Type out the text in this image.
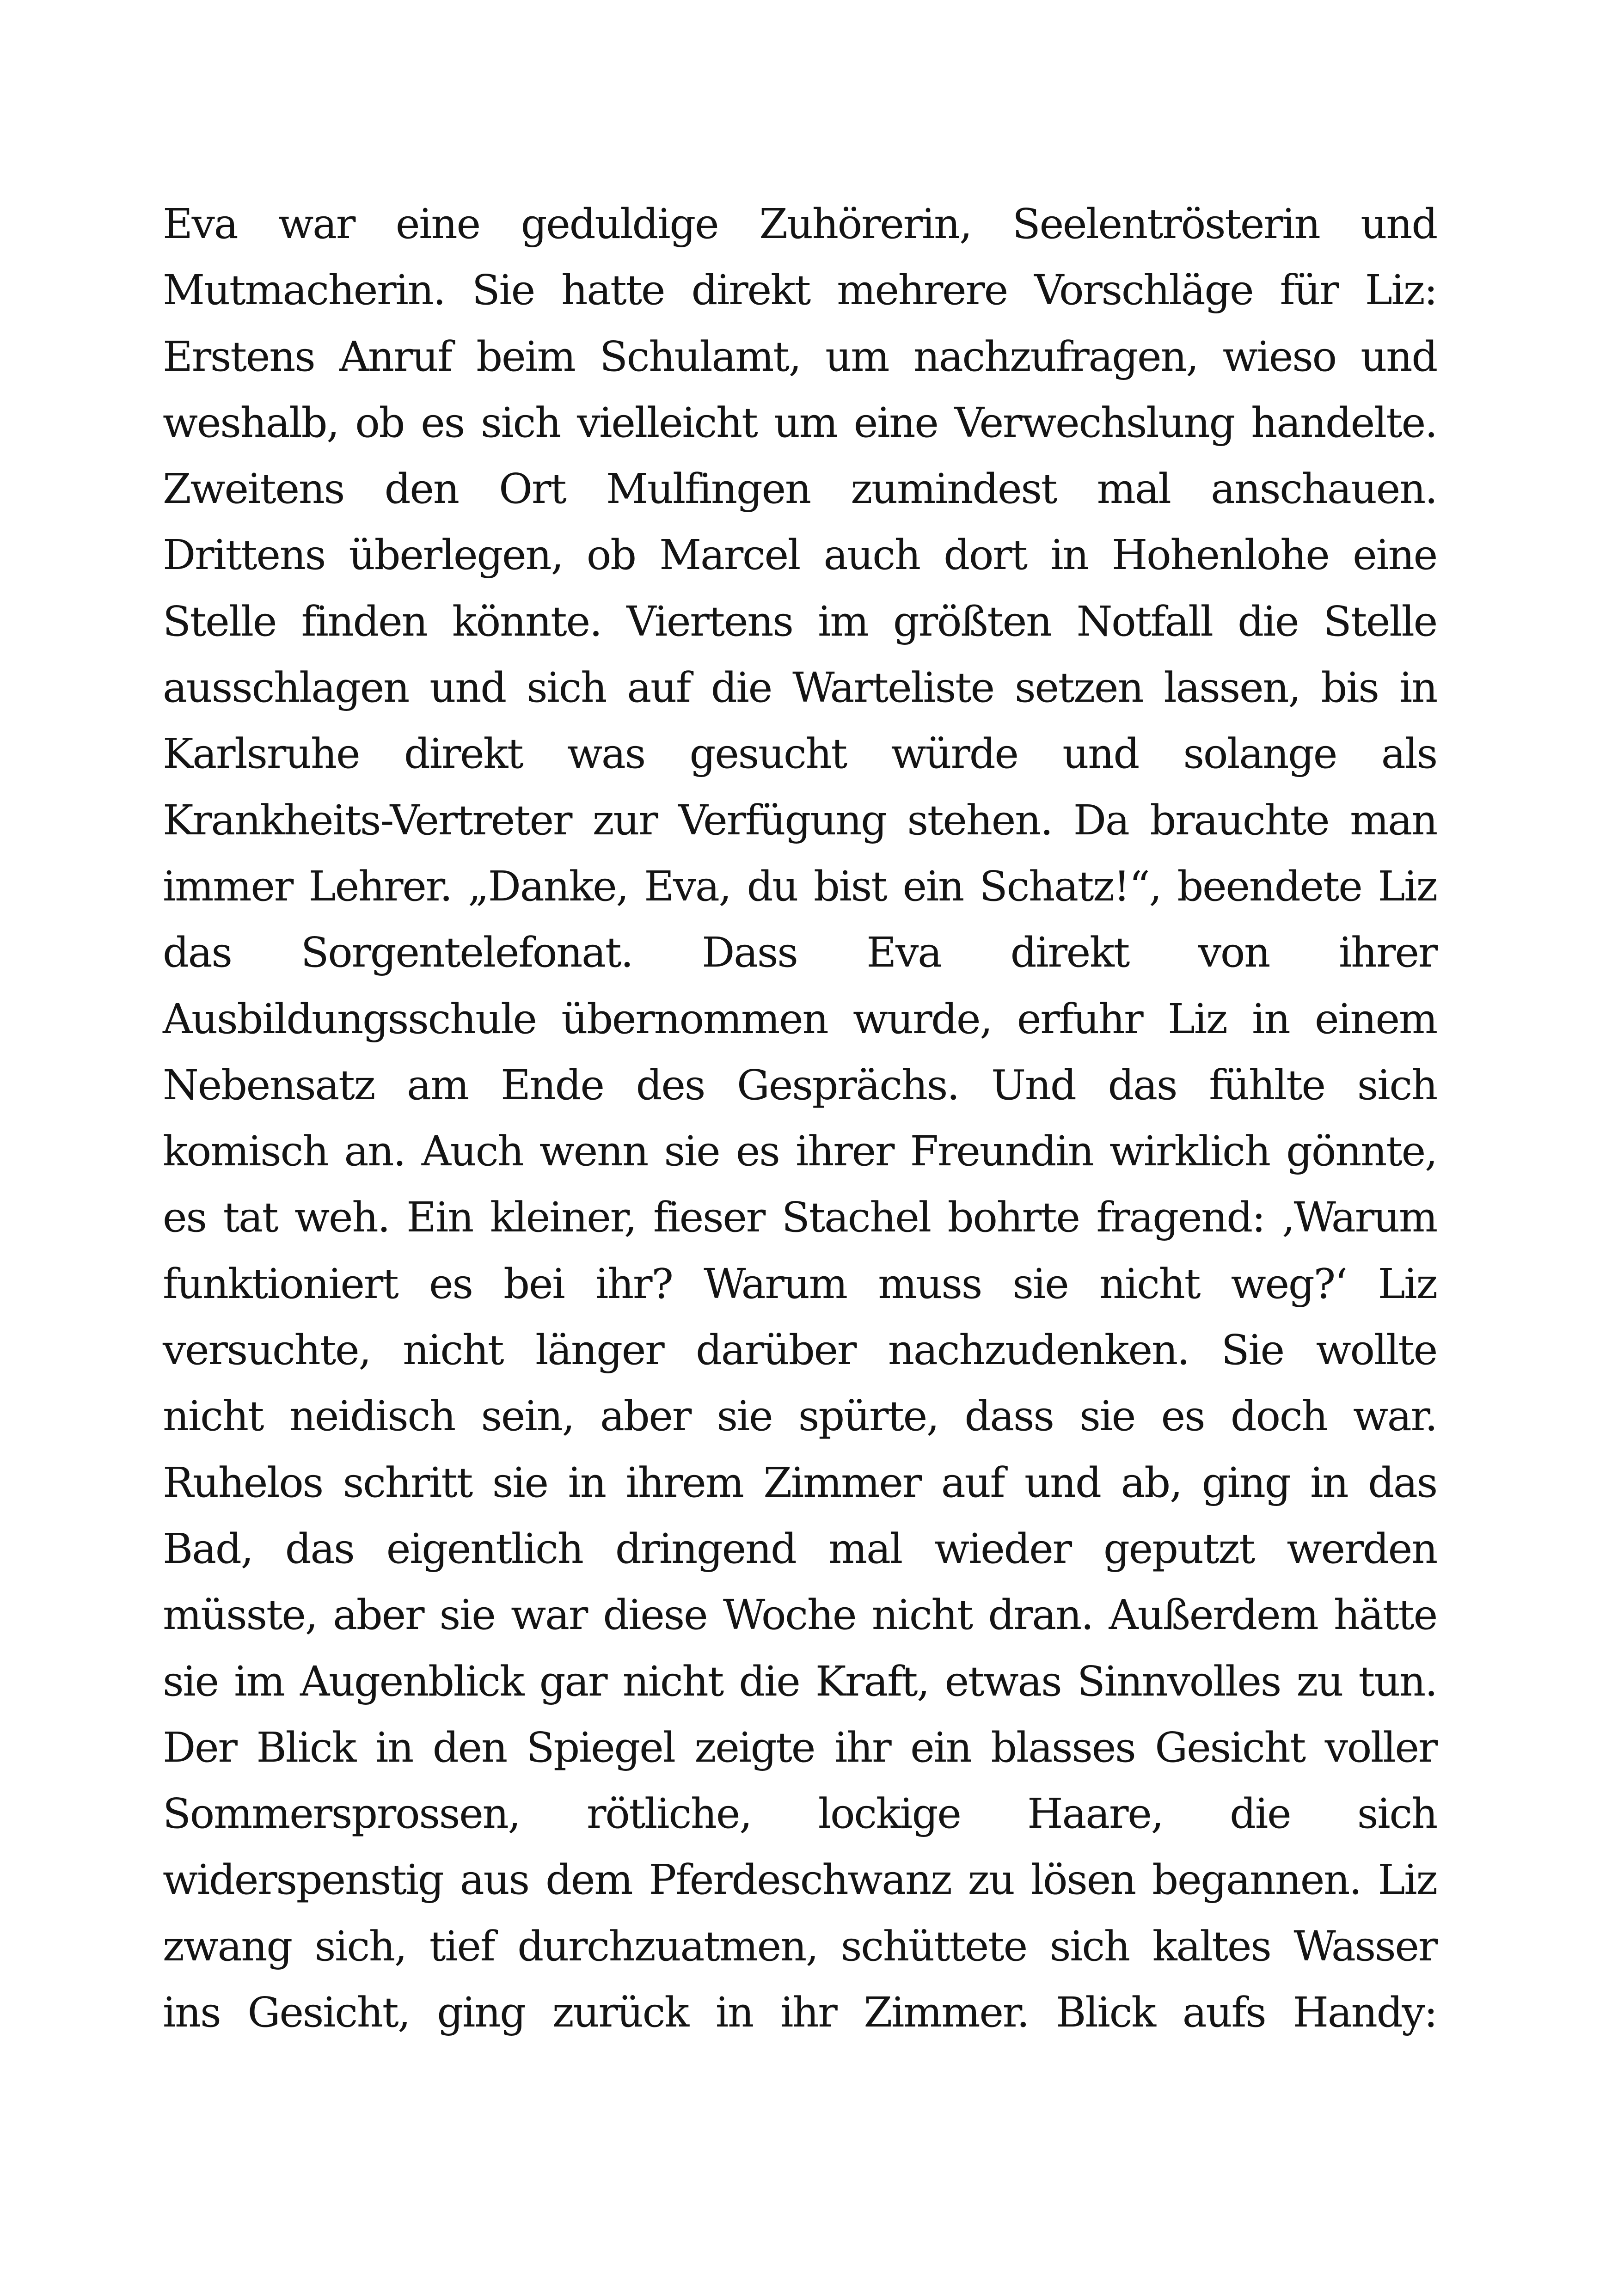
Eva war eine geduldige Zuhörerin, Seelentrösterin und
Mutmacherin. Sie hatte direkt mehrere Vorschläge für Liz:
Erstens Anruf beim Schulamt, um nachzufragen, wieso und
weshalb, ob es sich vielleicht um eine Verwechslung handelte.
Zweitens den Ort Mulfingen zumindest mal anschauen.
Drittens überlegen, ob Marcel auch dort in Hohenlohe eine
Stelle finden könnte. Viertens im größten Notfall die Stelle
ausschlagen und sich auf die Warteliste setzen lassen, bis in
Karlsruhe direkt was gesucht würde und solange als
Krankheits-Vertreter zur Verfügung stehen. Da brauchte man
immer Lehrer. „Danke, Eva, du bist ein Schatz!“, beendete Liz
das Sorgentelefonat. Dass Eva direkt von ihrer
Ausbildungsschule übernommen wurde, erfuhr Liz in einem
Nebensatz am Ende des Gesprächs. Und das fühlte sich
komisch an. Auch wenn sie es ihrer Freundin wirklich gönnte,
es tat weh. Ein kleiner, fieser Stachel bohrte fragend: ‚Warum
funktioniert es bei ihr? Warum muss sie nicht weg?‘ Liz
versuchte, nicht länger darüber nachzudenken. Sie wollte
nicht neidisch sein, aber sie spürte, dass sie es doch war.
Ruhelos schritt sie in ihrem Zimmer auf und ab, ging in das
Bad, das eigentlich dringend mal wieder geputzt werden
müsste, aber sie war diese Woche nicht dran. Außerdem hätte
sie im Augenblick gar nicht die Kraft, etwas Sinnvolles zu tun.
Der Blick in den Spiegel zeigte ihr ein blasses Gesicht voller
Sommersprossen, rötliche, lockige Haare, die sich
widerspenstig aus dem Pferdeschwanz zu lösen begannen. Liz
zwang sich, tief durchzuatmen, schüttete sich kaltes Wasser
ins Gesicht, ging zurück in ihr Zimmer. Blick aufs Handy:
